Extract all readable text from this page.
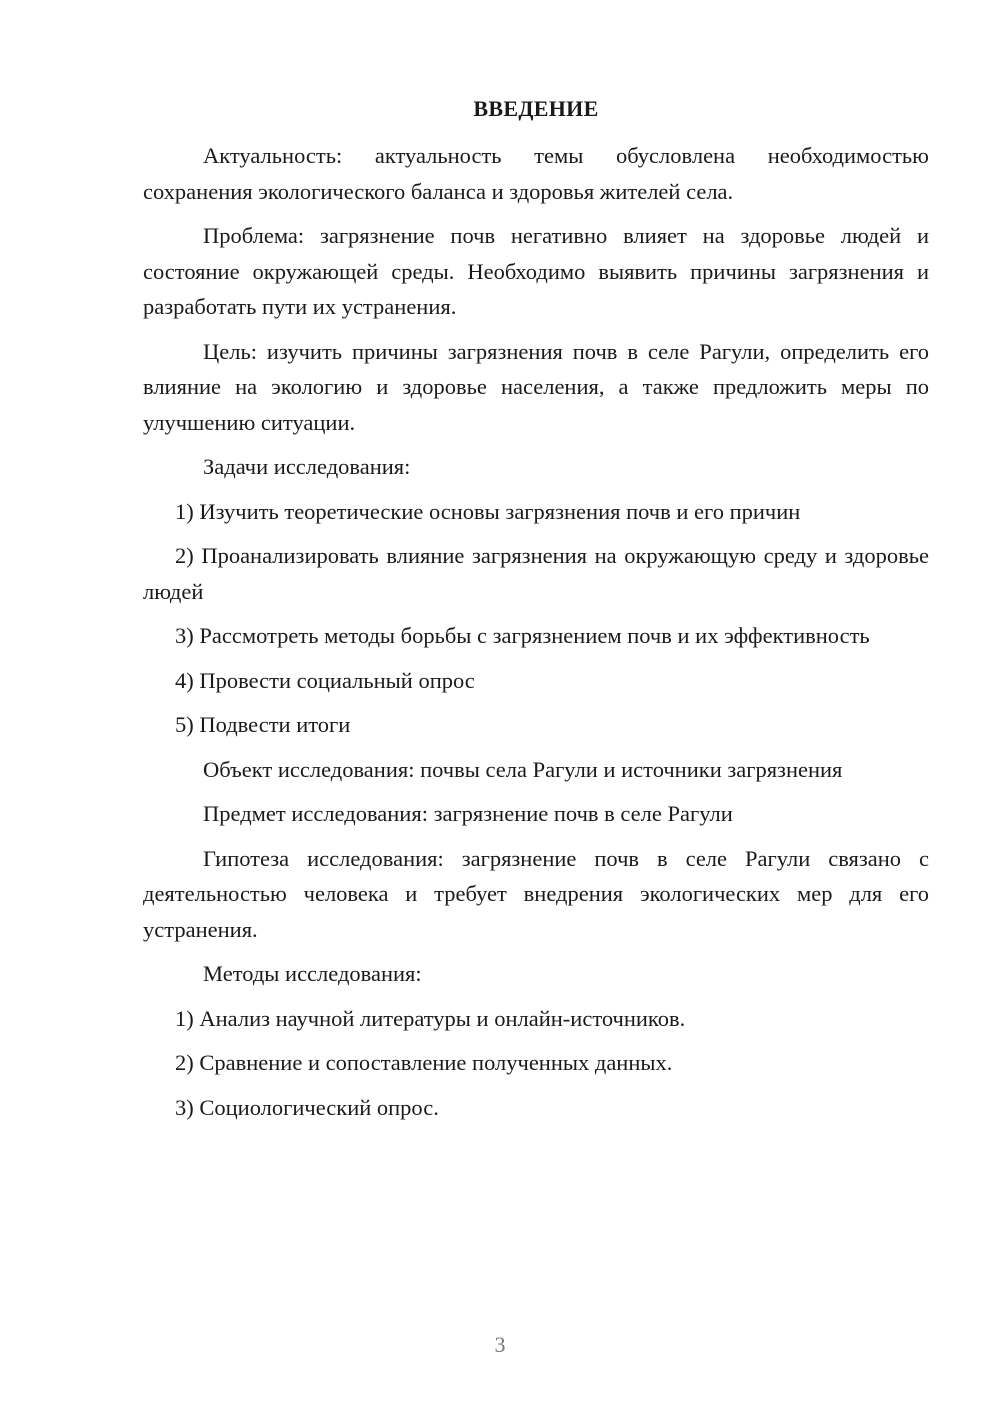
ВВЕДЕНИЕ

Актуальность: актуальность темы обусловлена необходимостью сохранения экологического баланса и здоровья жителей села.

Проблема: загрязнение почв негативно влияет на здоровье людей и состояние окружающей среды. Необходимо выявить причины загрязнения и разработать пути их устранения.

Цель: изучить причины загрязнения почв в селе Рагули, определить его влияние на экологию и здоровье населения, а также предложить меры по улучшению ситуации.

Задачи исследования:

1) Изучить теоретические основы загрязнения почв и его причин

2) Проанализировать влияние загрязнения на окружающую среду и здоровье людей

3) Рассмотреть методы борьбы с загрязнением почв и их эффективность

4) Провести социальный опрос

5) Подвести итоги

Объект исследования: почвы села Рагули и источники загрязнения

Предмет исследования: загрязнение почв в селе Рагули

Гипотеза исследования: загрязнение почв в селе Рагули связано с деятельностью человека и требует внедрения экологических мер для его устранения.

Методы исследования:

1) Анализ научной литературы и онлайн-источников.

2) Сравнение и сопоставление полученных данных.

3) Социологический опрос.

3
